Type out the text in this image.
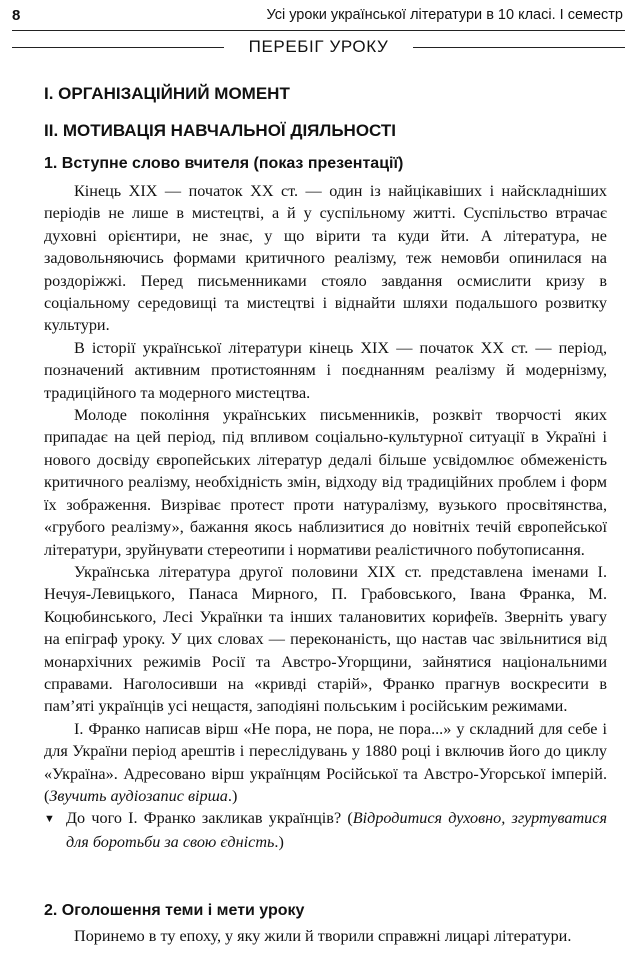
8	Усі уроки української літератури в 10 класі. І семестр
ПЕРЕБІГ УРОКУ
І. ОРГАНІЗАЦІЙНИЙ МОМЕНТ
ІІ. МОТИВАЦІЯ НАВЧАЛЬНОЇ ДІЯЛЬНОСТІ
1. Вступне слово вчителя (показ презентації)

Кінець XIX — початок XX ст. — один із найцікавіших і найскладніших періодів не лише в мистецтві, а й у суспільному житті. Суспільство втрачає духовні орієнтири, не знає, у що вірити та куди йти. А література, не задовольняючись формами критичного реалізму, теж немовби опинилася на роздоріжжі. Перед письменниками стояло завдання осмислити кризу в соціальному середовищі та мистецтві і віднайти шляхи подальшого розвитку культури.

В історії української літератури кінець XIX — початок XX ст. — період, позначений активним протистоянням і поєднанням реалізму й модернізму, традиційного та модерного мистецтва.

Молоде покоління українських письменників, розквіт творчості яких припадає на цей період, під впливом соціально-культурної ситуації в Україні і нового досвіду європейських літератур дедалі більше усвідомлює обмеженість критичного реалізму, необхідність змін, відходу від традиційних проблем і форм їх зображення. Визріває протест проти натуралізму, вузького просвітянства, «грубого реалізму», бажання якось наблизитися до новітніх течій європейської літератури, зруйнувати стереотипи і нормативи реалістичного побутописання.

Українська література другої половини XIX ст. представлена іменами І. Нечуя-Левицького, Панаса Мирного, П. Грабовського, Івана Франка, М. Коцюбинського, Лесі Українки та інших талановитих корифеїв. Зверніть увагу на епіграф уроку. У цих словах — переконаність, що настав час звільнитися від монархічних режимів Росії та Австро-Угорщини, зайнятися національними справами. Наголосивши на «кривді старій», Франко прагнув воскресити в пам’яті українців усі нещастя, заподіяні польським і російським режимами.

І. Франко написав вірш «Не пора, не пора, не пора...» у складний для себе і для України період арештів і переслідувань у 1880 році і включив його до циклу «Україна». Адресовано вірш українцям Російської та Австро-Угорської імперій. (Звучить аудіозапис вірша.)

▼ До чого І. Франко закликав українців? (Відродитися духовно, згуртуватися для боротьби за свою єдність.)

2. Оголошення теми і мети уроку

Поринемо в ту епоху, у яку жили й творили справжні лицарі літератури.
